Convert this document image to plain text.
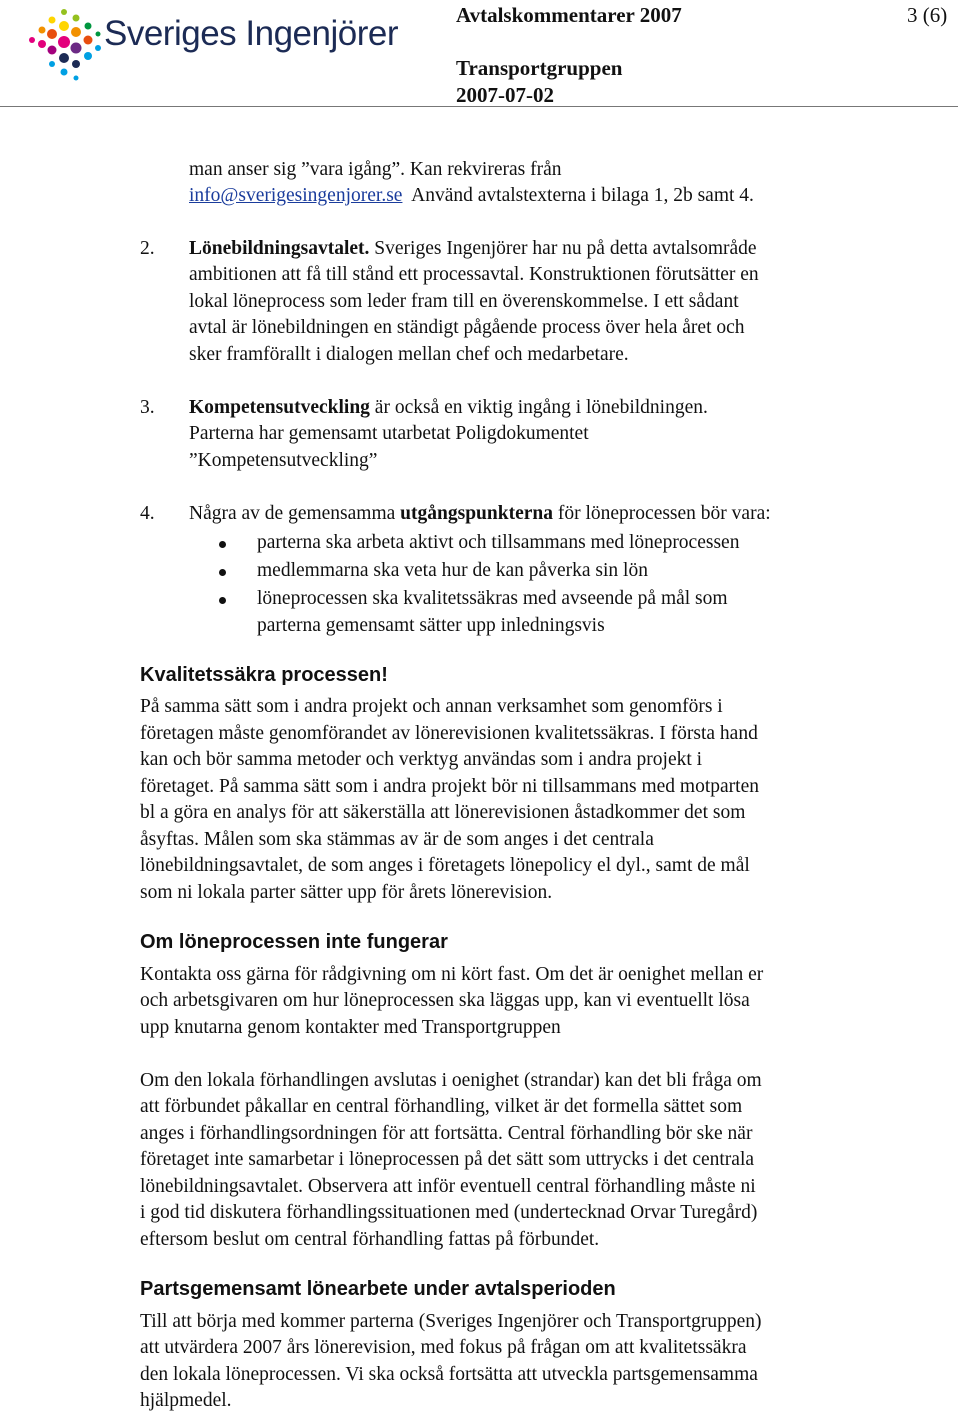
Sveriges Ingenjörer	Avtalskommentarer 2007	3 (6)
Transportgruppen
2007-07-02
man anser sig ”vara igång”. Kan rekvireras från
info@sverigesingenjorer.se Använd avtalstexterna i bilaga 1, 2b samt 4.
2. Lönebildningsavtalet. Sveriges Ingenjörer har nu på detta avtalsområde
ambitionen att få till stånd ett processavtal. Konstruktionen förutsätter en
lokal löneprocess som leder fram till en överenskommelse. I ett sådant
avtal är lönebildningen en ständigt pågående process över hela året och
sker framförallt i dialogen mellan chef och medarbetare.
3. Kompetensutveckling är också en viktig ingång i lönebildningen.
Parterna har gemensamt utarbetat Poligdokumentet
”Kompetensutveckling”
4. Några av de gemensamma utgångspunkterna för löneprocessen bör vara:
parterna ska arbeta aktivt och tillsammans med löneprocessen
medlemmarna ska veta hur de kan påverka sin lön
löneprocessen ska kvalitetssäkras med avseende på mål som
parterna gemensamt sätter upp inledningsvis
Kvalitetssäkra processen!
På samma sätt som i andra projekt och annan verksamhet som genomförs i
företagen måste genomförandet av lönerevisionen kvalitetssäkras. I första hand
kan och bör samma metoder och verktyg användas som i andra projekt i
företaget. På samma sätt som i andra projekt bör ni tillsammans med motparten
bl a göra en analys för att säkerställa att lönerevisionen åstadkommer det som
åsyftas. Målen som ska stämmas av är de som anges i det centrala
lönebildningsavtalet, de som anges i företagets lönepolicy el dyl., samt de mål
som ni lokala parter sätter upp för årets lönerevision.
Om löneprocessen inte fungerar
Kontakta oss gärna för rådgivning om ni kört fast. Om det är oenighet mellan er
och arbetsgivaren om hur löneprocessen ska läggas upp, kan vi eventuellt lösa
upp knutarna genom kontakter med Transportgruppen
Om den lokala förhandlingen avslutas i oenighet (strandar) kan det bli fråga om
att förbundet påkallar en central förhandling, vilket är det formella sättet som
anges i förhandlingsordningen för att fortsätta. Central förhandling bör ske när
företaget inte samarbetar i löneprocessen på det sätt som uttrycks i det centrala
lönebildningsavtalet. Observera att inför eventuell central förhandling måste ni
i god tid diskutera förhandlingssituationen med (undertecknad Orvar Turegård)
eftersom beslut om central förhandling fattas på förbundet.
Partsgemensamt lönearbete under avtalsperioden
Till att börja med kommer parterna (Sveriges Ingenjörer och Transportgruppen)
att utvärdera 2007 års lönerevision, med fokus på frågan om att kvalitetssäkra
den lokala löneprocessen. Vi ska också fortsätta att utveckla partsgemensamma
hjälpmedel.
